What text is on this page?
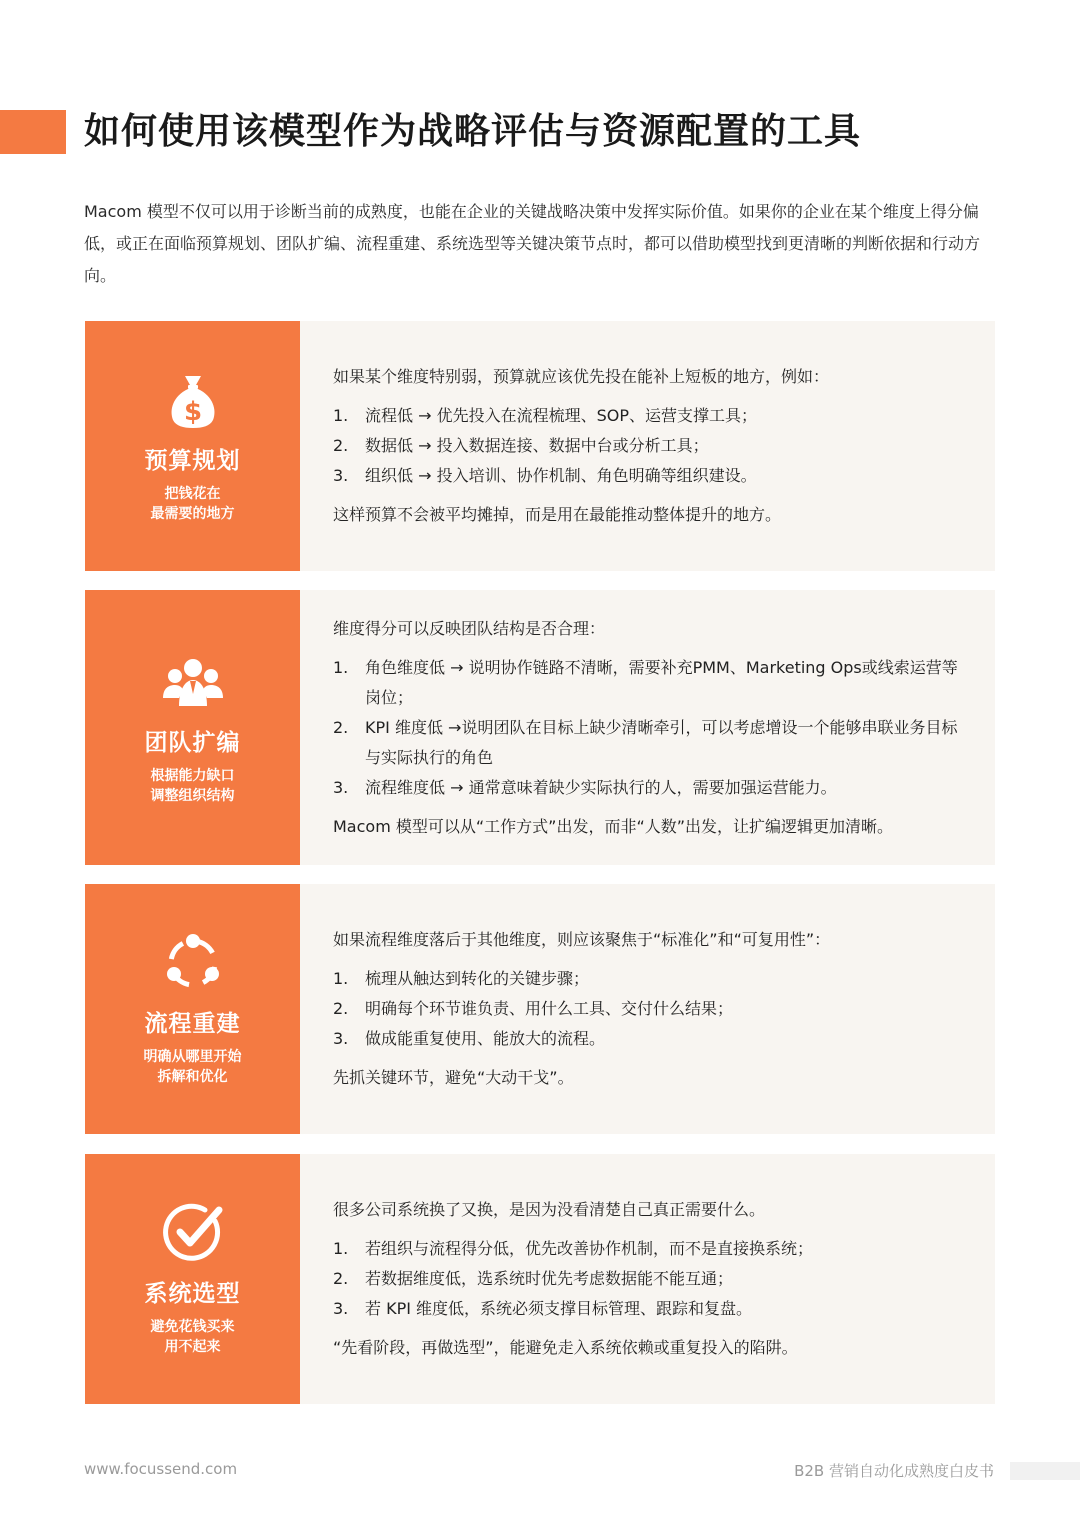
如何使用该模型作为战略评估与资源配置的工具

Macom 模型不仅可以用于诊断当前的成熟度，也能在企业的关键战略决策中发挥实际价值。如果你的企业在某个维度上得分偏低，或正在面临预算规划、团队扩编、流程重建、系统选型等关键决策节点时，都可以借助模型找到更清晰的判断依据和行动方向。

$
预算规划
把钱花在
最需要的地方
如果某个维度特别弱，预算就应该优先投在能补上短板的地方，例如：
1.	流程低 → 优先投入在流程梳理、SOP、运营支撑工具；
2.	数据低 → 投入数据连接、数据中台或分析工具；
3.	组织低 → 投入培训、协作机制、角色明确等组织建设。
这样预算不会被平均摊掉，而是用在最能推动整体提升的地方。
团队扩编
根据能力缺口
调整组织结构
维度得分可以反映团队结构是否合理：
1.	角色维度低 → 说明协作链路不清晰，需要补充PMM、Marketing Ops或线索运营等岗位；
2.	KPI 维度低 →说明团队在目标上缺少清晰牵引，可以考虑增设一个能够串联业务目标与实际执行的角色
3.	流程维度低 → 通常意味着缺少实际执行的人，需要加强运营能力。
Macom 模型可以从“工作方式”出发，而非“人数”出发，让扩编逻辑更加清晰。
流程重建
明确从哪里开始
拆解和优化
如果流程维度落后于其他维度，则应该聚焦于“标准化”和“可复用性”：
1.	梳理从触达到转化的关键步骤；
2.	明确每个环节谁负责、用什么工具、交付什么结果；
3.	做成能重复使用、能放大的流程。
先抓关键环节，避免“大动干戈”。
系统选型
避免花钱买来
用不起来
很多公司系统换了又换，是因为没看清楚自己真正需要什么。
1.	若组织与流程得分低，优先改善协作机制，而不是直接换系统；
2.	若数据维度低，选系统时优先考虑数据能不能互通；
3.	若 KPI 维度低，系统必须支撑目标管理、跟踪和复盘。
“先看阶段，再做选型”，能避免走入系统依赖或重复投入的陷阱。
www.focussend.com	B2B 营销自动化成熟度白皮书
